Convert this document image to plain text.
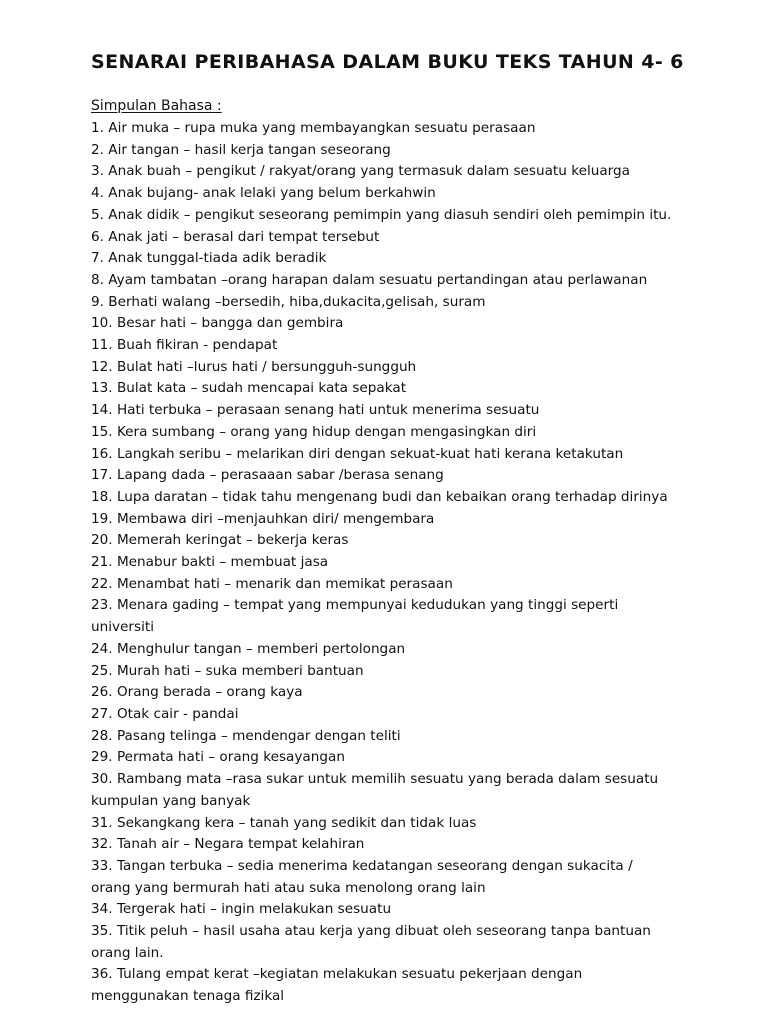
SENARAI PERIBAHASA DALAM BUKU TEKS TAHUN 4- 6
Simpulan Bahasa :
1. Air muka – rupa muka yang membayangkan sesuatu perasaan
2. Air tangan – hasil kerja tangan seseorang
3. Anak buah – pengikut / rakyat/orang yang termasuk dalam sesuatu keluarga
4. Anak bujang- anak lelaki yang belum berkahwin
5. Anak didik – pengikut seseorang pemimpin yang diasuh sendiri oleh pemimpin itu.
6. Anak jati – berasal dari tempat tersebut
7. Anak tunggal-tiada adik beradik
8. Ayam tambatan –orang harapan dalam sesuatu pertandingan atau perlawanan
9. Berhati walang –bersedih, hiba,dukacita,gelisah, suram
10. Besar hati – bangga dan gembira
11. Buah fikiran - pendapat
12. Bulat hati –lurus hati / bersungguh-sungguh
13. Bulat kata – sudah mencapai kata sepakat
14. Hati terbuka – perasaan senang hati untuk menerima sesuatu
15. Kera sumbang – orang yang hidup dengan mengasingkan diri
16. Langkah seribu – melarikan diri dengan sekuat-kuat hati kerana ketakutan
17. Lapang dada – perasaaan sabar /berasa senang
18. Lupa daratan – tidak tahu mengenang budi dan kebaikan orang terhadap dirinya
19. Membawa diri –menjauhkan diri/ mengembara
20. Memerah keringat – bekerja keras
21. Menabur bakti – membuat jasa
22. Menambat hati – menarik dan memikat perasaan
23. Menara gading – tempat yang mempunyai kedudukan yang tinggi seperti
universiti
24. Menghulur tangan – memberi pertolongan
25. Murah hati – suka memberi bantuan
26. Orang berada – orang kaya
27. Otak cair - pandai
28. Pasang telinga – mendengar dengan teliti
29. Permata hati – orang kesayangan
30. Rambang mata –rasa sukar untuk memilih sesuatu yang berada dalam sesuatu
kumpulan yang banyak
31. Sekangkang kera – tanah yang sedikit dan tidak luas
32. Tanah air – Negara tempat kelahiran
33. Tangan terbuka – sedia menerima kedatangan seseorang dengan sukacita /
orang yang bermurah hati atau suka menolong orang lain
34. Tergerak hati – ingin melakukan sesuatu
35. Titik peluh – hasil usaha atau kerja yang dibuat oleh seseorang tanpa bantuan
orang lain.
36. Tulang empat kerat –kegiatan melakukan sesuatu pekerjaan dengan
menggunakan tenaga fizikal
